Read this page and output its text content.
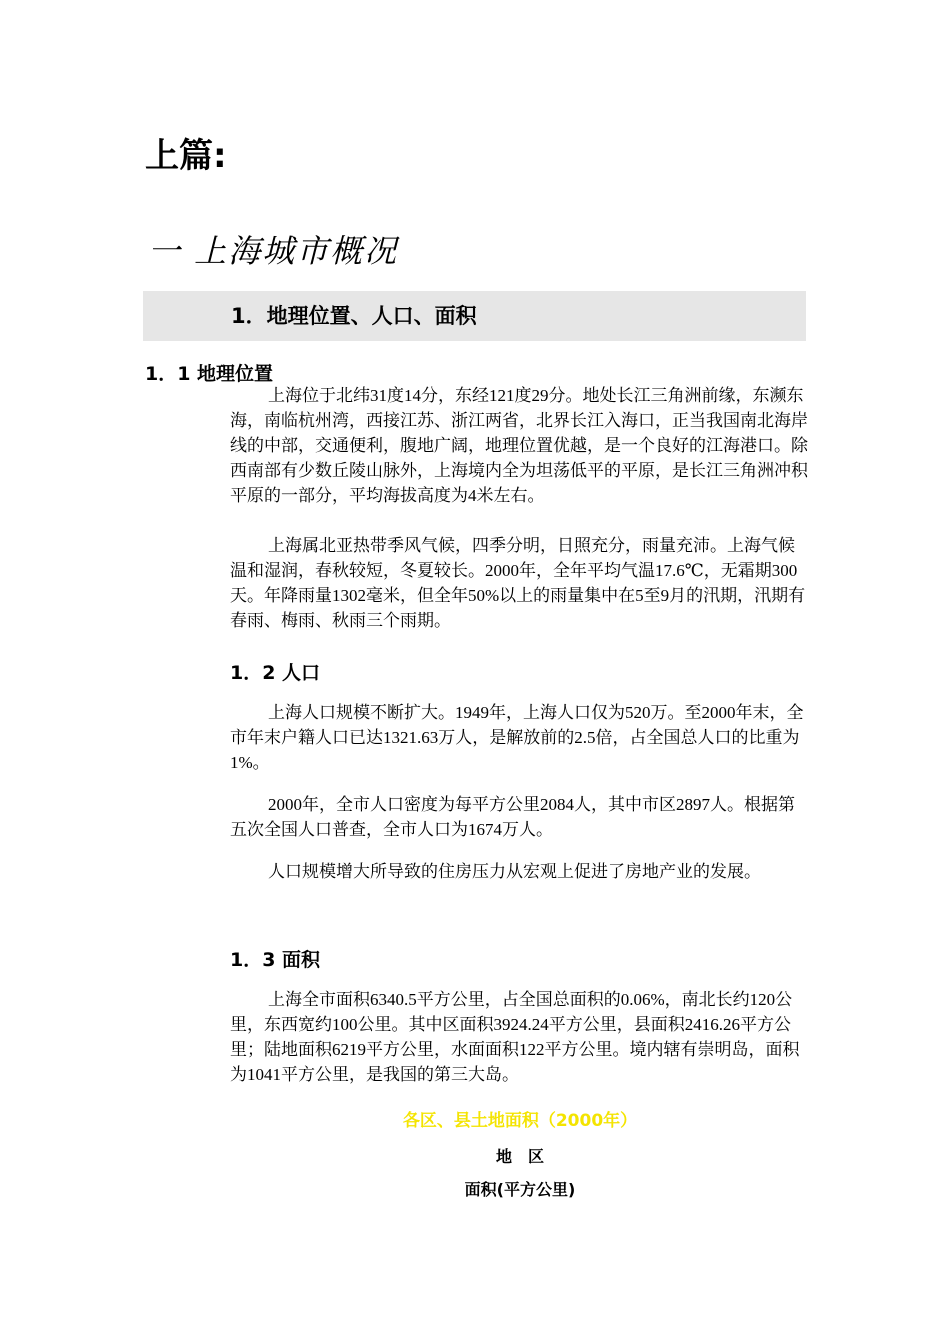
上篇:
一 上海城市概况
1．地理位置、人口、面积
1．1 地理位置
上海位于北纬31度14分，东经121度29分。地处长江三角洲前缘，东濒东海，南临杭州湾，西接江苏、浙江两省，北界长江入海口，正当我国南北海岸线的中部，交通便利，腹地广阔，地理位置优越，是一个良好的江海港口。除西南部有少数丘陵山脉外，上海境内全为坦荡低平的平原，是长江三角洲冲积平原的一部分，平均海拔高度为4米左右。
上海属北亚热带季风气候，四季分明，日照充分，雨量充沛。上海气候温和湿润，春秋较短，冬夏较长。2000年，全年平均气温17.6℃，无霜期300天。年降雨量1302毫米，但全年50%以上的雨量集中在5至9月的汛期，汛期有春雨、梅雨、秋雨三个雨期。
1．2 人口
上海人口规模不断扩大。1949年，上海人口仅为520万。至2000年末，全市年末户籍人口已达1321.63万人，是解放前的2.5倍，占全国总人口的比重为1%。
2000年，全市人口密度为每平方公里2084人，其中市区2897人。根据第五次全国人口普查，全市人口为1674万人。
人口规模增大所导致的住房压力从宏观上促进了房地产业的发展。
1．3 面积
上海全市面积6340.5平方公里，占全国总面积的0.06%，南北长约120公里，东西宽约100公里。其中区面积3924.24平方公里，县面积2416.26平方公里；陆地面积6219平方公里，水面面积122平方公里。境内辖有崇明岛，面积为1041平方公里，是我国的第三大岛。
各区、县土地面积（2000年）
地　区
面积(平方公里)
